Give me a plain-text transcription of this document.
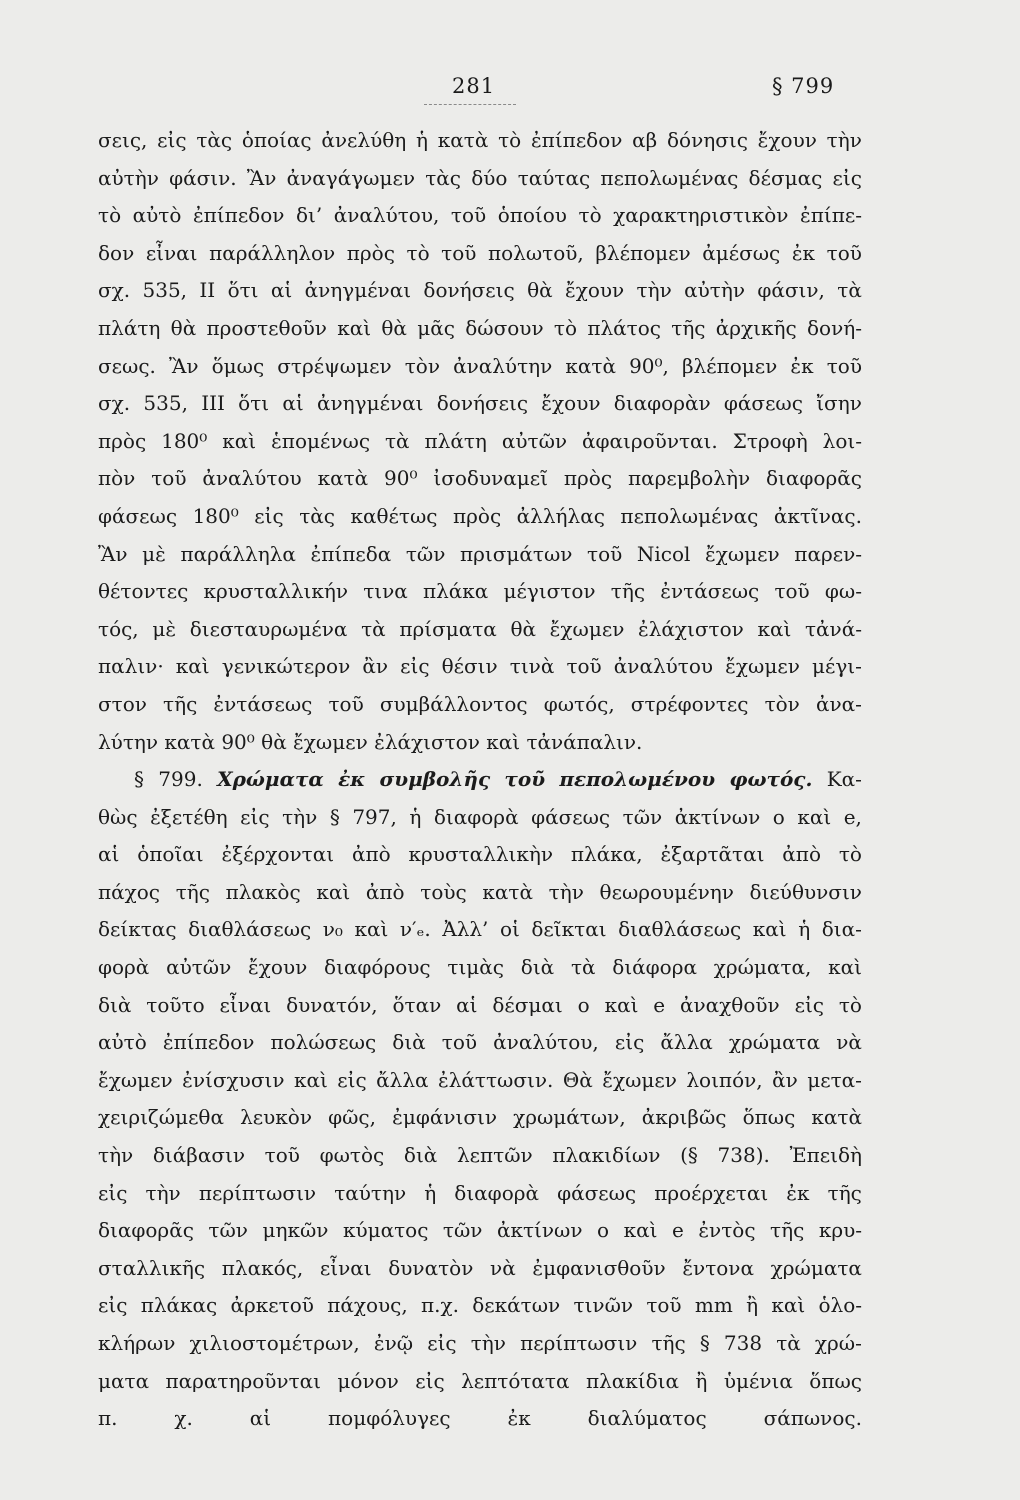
281	§ 799
σεις, εἰς τὰς ὁποίας ἀνελύθη ἡ κατὰ τὸ ἐπίπεδον αβ δόνησις ἔχουν τὴν
αὐτὴν φάσιν. Ἂν ἀναγάγωμεν τὰς δύο ταύτας πεπολωμένας δέσμας εἰς
τὸ αὐτὸ ἐπίπεδον δι’ ἀναλύτου, τοῦ ὁποίου τὸ χαρακτηριστικὸν ἐπίπε-
δον εἶναι παράλληλον πρὸς τὸ τοῦ πολωτοῦ, βλέπομεν ἀμέσως ἐκ τοῦ
σχ. 535, II ὅτι αἱ ἀνηγμέναι δονήσεις θὰ ἔχουν τὴν αὐτὴν φάσιν, τὰ
πλάτη θὰ προστεθοῦν καὶ θὰ μᾶς δώσουν τὸ πλάτος τῆς ἀρχικῆς δονή-
σεως. Ἂν ὅμως στρέψωμεν τὸν ἀναλύτην κατὰ 90⁰, βλέπομεν ἐκ τοῦ
σχ. 535, III ὅτι αἱ ἀνηγμέναι δονήσεις ἔχουν διαφορὰν φάσεως ἴσην
πρὸς 180⁰ καὶ ἑπομένως τὰ πλάτη αὐτῶν ἀφαιροῦνται. Στροφὴ λοι-
πὸν τοῦ ἀναλύτου κατὰ 90⁰ ἰσοδυναμεῖ πρὸς παρεμβολὴν διαφορᾶς
φάσεως 180⁰ εἰς τὰς καθέτως πρὸς ἀλλήλας πεπολωμένας ἀκτῖνας.
Ἂν μὲ παράλληλα ἐπίπεδα τῶν πρισμάτων τοῦ Nicol ἔχωμεν παρεν-
θέτοντες κρυσταλλικήν τινα πλάκα μέγιστον τῆς ἐντάσεως τοῦ φω-
τός, μὲ διεσταυρωμένα τὰ πρίσματα θὰ ἔχωμεν ἐλάχιστον καὶ τἀνά-
παλιν· καὶ γενικώτερον ἂν εἰς θέσιν τινὰ τοῦ ἀναλύτου ἔχωμεν μέγι-
στον τῆς ἐντάσεως τοῦ συμβάλλοντος φωτός, στρέφοντες τὸν ἀνα-
λύτην κατὰ 90⁰ θὰ ἔχωμεν ἐλάχιστον καὶ τἀνάπαλιν.
§ 799. Χρώματα ἐκ συμβολῆς τοῦ πεπολωμένου φωτός. Κα-
θὼς ἐξετέθη εἰς τὴν § 797, ἡ διαφορὰ φάσεως τῶν ἀκτίνων ο καὶ e,
αἱ ὁποῖαι ἐξέρχονται ἀπὸ κρυσταλλικὴν πλάκα, ἐξαρτᾶται ἀπὸ τὸ
πάχος τῆς πλακὸς καὶ ἀπὸ τοὺς κατὰ τὴν θεωρουμένην διεύθυνσιν
δείκτας διαθλάσεως ν₀ καὶ ν′ₑ. Ἀλλ’ οἱ δεῖκται διαθλάσεως καὶ ἡ δια-
φορὰ αὐτῶν ἔχουν διαφόρους τιμὰς διὰ τὰ διάφορα χρώματα, καὶ
διὰ τοῦτο εἶναι δυνατόν, ὅταν αἱ δέσμαι ο καὶ e ἀναχθοῦν εἰς τὸ
αὐτὸ ἐπίπεδον πολώσεως διὰ τοῦ ἀναλύτου, εἰς ἄλλα χρώματα νὰ
ἔχωμεν ἐνίσχυσιν καὶ εἰς ἄλλα ἐλάττωσιν. Θὰ ἔχωμεν λοιπόν, ἂν μετα-
χειριζώμεθα λευκὸν φῶς, ἐμφάνισιν χρωμάτων, ἀκριβῶς ὅπως κατὰ
τὴν διάβασιν τοῦ φωτὸς διὰ λεπτῶν πλακιδίων (§ 738). Ἐπειδὴ
εἰς τὴν περίπτωσιν ταύτην ἡ διαφορὰ φάσεως προέρχεται ἐκ τῆς
διαφορᾶς τῶν μηκῶν κύματος τῶν ἀκτίνων ο καὶ e ἐντὸς τῆς κρυ-
σταλλικῆς πλακός, εἶναι δυνατὸν νὰ ἐμφανισθοῦν ἔντονα χρώματα
εἰς πλάκας ἀρκετοῦ πάχους, π.χ. δεκάτων τινῶν τοῦ mm ἢ καὶ ὁλο-
κλήρων χιλιοστομέτρων, ἐνῷ εἰς τὴν περίπτωσιν τῆς § 738 τὰ χρώ-
ματα παρατηροῦνται μόνον εἰς λεπτότατα πλακίδια ἢ ὑμένια ὅπως
π.	χ.	αἱ	πομφόλυγες	ἐκ	διαλύματος	σάπωνος.
